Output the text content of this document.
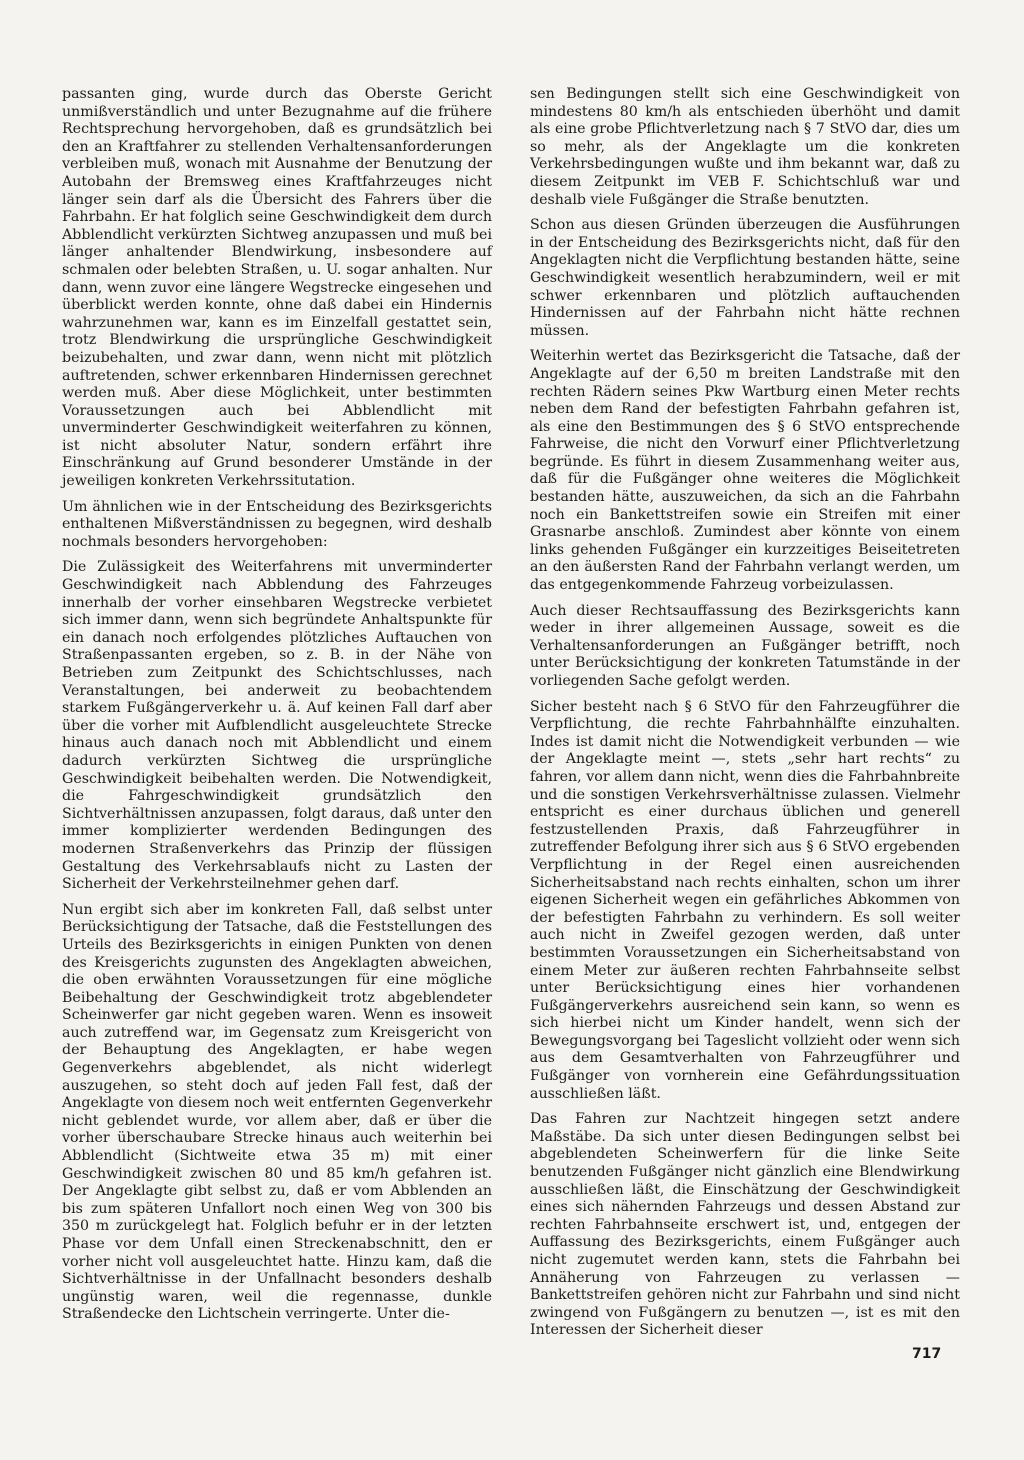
passanten ging, wurde durch das Oberste Gericht unmißverständlich und unter Bezugnahme auf die frühere Rechtsprechung hervorgehoben, daß es grundsätzlich bei den an Kraftfahrer zu stellenden Verhaltensanforderungen verbleiben muß, wonach mit Ausnahme der Benutzung der Autobahn der Bremsweg eines Kraftfahrzeuges nicht länger sein darf als die Übersicht des Fahrers über die Fahrbahn. Er hat folglich seine Geschwindigkeit dem durch Abblendlicht verkürzten Sichtweg anzupassen und muß bei länger anhaltender Blendwirkung, insbesondere auf schmalen oder belebten Straßen, u. U. sogar anhalten. Nur dann, wenn zuvor eine längere Wegstrecke eingesehen und überblickt werden konnte, ohne daß dabei ein Hindernis wahrzunehmen war, kann es im Einzelfall gestattet sein, trotz Blendwirkung die ursprüngliche Geschwindigkeit beizubehalten, und zwar dann, wenn nicht mit plötzlich auftretenden, schwer erkennbaren Hindernissen gerechnet werden muß. Aber diese Möglichkeit, unter bestimmten Voraussetzungen auch bei Abblendlicht mit unverminderter Geschwindigkeit weiterfahren zu können, ist nicht absoluter Natur, sondern erfährt ihre Einschränkung auf Grund besonderer Umstände in der jeweiligen konkreten Verkehrssitutation.

Um ähnlichen wie in der Entscheidung des Bezirksgerichts enthaltenen Mißverständnissen zu begegnen, wird deshalb nochmals besonders hervorgehoben:

Die Zulässigkeit des Weiterfahrens mit unverminderter Geschwindigkeit nach Abblendung des Fahrzeuges innerhalb der vorher einsehbaren Wegstrecke verbietet sich immer dann, wenn sich begründete Anhaltspunkte für ein danach noch erfolgendes plötzliches Auftauchen von Straßenpassanten ergeben, so z. B. in der Nähe von Betrieben zum Zeitpunkt des Schichtschlusses, nach Veranstaltungen, bei anderweit zu beobachtendem starkem Fußgängerverkehr u. ä. Auf keinen Fall darf aber über die vorher mit Aufblendlicht ausgeleuchtete Strecke hinaus auch danach noch mit Abblendlicht und einem dadurch verkürzten Sichtweg die ursprüngliche Geschwindigkeit beibehalten werden. Die Notwendigkeit, die Fahrgeschwindigkeit grundsätzlich den Sichtverhältnissen anzupassen, folgt daraus, daß unter den immer komplizierter werdenden Bedingungen des modernen Straßenverkehrs das Prinzip der flüssigen Gestaltung des Verkehrsablaufs nicht zu Lasten der Sicherheit der Verkehrsteilnehmer gehen darf.

Nun ergibt sich aber im konkreten Fall, daß selbst unter Berücksichtigung der Tatsache, daß die Feststellungen des Urteils des Bezirksgerichts in einigen Punkten von denen des Kreisgerichts zugunsten des Angeklagten abweichen, die oben erwähnten Voraussetzungen für eine mögliche Beibehaltung der Geschwindigkeit trotz abgeblendeter Scheinwerfer gar nicht gegeben waren. Wenn es insoweit auch zutreffend war, im Gegensatz zum Kreisgericht von der Behauptung des Angeklagten, er habe wegen Gegenverkehrs abgeblendet, als nicht widerlegt auszugehen, so steht doch auf jeden Fall fest, daß der Angeklagte von diesem noch weit entfernten Gegenverkehr nicht geblendet wurde, vor allem aber, daß er über die vorher überschaubare Strecke hinaus auch weiterhin bei Abblendlicht (Sichtweite etwa 35 m) mit einer Geschwindigkeit zwischen 80 und 85 km/h gefahren ist. Der Angeklagte gibt selbst zu, daß er vom Abblenden an bis zum späteren Unfallort noch einen Weg von 300 bis 350 m zurückgelegt hat. Folglich befuhr er in der letzten Phase vor dem Unfall einen Streckenabschnitt, den er vorher nicht voll ausgeleuchtet hatte. Hinzu kam, daß die Sichtverhältnisse in der Unfallnacht besonders deshalb ungünstig waren, weil die regennasse, dunkle Straßendecke den Lichtschein verringerte. Unter die-

sen Bedingungen stellt sich eine Geschwindigkeit von mindestens 80 km/h als entschieden überhöht und damit als eine grobe Pflichtverletzung nach § 7 StVO dar, dies um so mehr, als der Angeklagte um die konkreten Verkehrsbedingungen wußte und ihm bekannt war, daß zu diesem Zeitpunkt im VEB F. Schichtschluß war und deshalb viele Fußgänger die Straße benutzten.

Schon aus diesen Gründen überzeugen die Ausführungen in der Entscheidung des Bezirksgerichts nicht, daß für den Angeklagten nicht die Verpflichtung bestanden hätte, seine Geschwindigkeit wesentlich herabzumindern, weil er mit schwer erkennbaren und plötzlich auftauchenden Hindernissen auf der Fahrbahn nicht hätte rechnen müssen.

Weiterhin wertet das Bezirksgericht die Tatsache, daß der Angeklagte auf der 6,50 m breiten Landstraße mit den rechten Rädern seines Pkw Wartburg einen Meter rechts neben dem Rand der befestigten Fahrbahn gefahren ist, als eine den Bestimmungen des § 6 StVO entsprechende Fahrweise, die nicht den Vorwurf einer Pflichtverletzung begründe. Es führt in diesem Zusammenhang weiter aus, daß für die Fußgänger ohne weiteres die Möglichkeit bestanden hätte, auszuweichen, da sich an die Fahrbahn noch ein Bankettstreifen sowie ein Streifen mit einer Grasnarbe anschloß. Zumindest aber könnte von einem links gehenden Fußgänger ein kurzzeitiges Beiseitetreten an den äußersten Rand der Fahrbahn verlangt werden, um das entgegenkommende Fahrzeug vorbeizulassen.

Auch dieser Rechtsauffassung des Bezirksgerichts kann weder in ihrer allgemeinen Aussage, soweit es die Verhaltensanforderungen an Fußgänger betrifft, noch unter Berücksichtigung der konkreten Tatumstände in der vorliegenden Sache gefolgt werden.

Sicher besteht nach § 6 StVO für den Fahrzeugführer die Verpflichtung, die rechte Fahrbahnhälfte einzuhalten. Indes ist damit nicht die Notwendigkeit verbunden — wie der Angeklagte meint —, stets „sehr hart rechts“ zu fahren, vor allem dann nicht, wenn dies die Fahrbahnbreite und die sonstigen Verkehrsverhältnisse zulassen. Vielmehr entspricht es einer durchaus üblichen und generell festzustellenden Praxis, daß Fahrzeugführer in zutreffender Befolgung ihrer sich aus § 6 StVO ergebenden Verpflichtung in der Regel einen ausreichenden Sicherheitsabstand nach rechts einhalten, schon um ihrer eigenen Sicherheit wegen ein gefährliches Abkommen von der befestigten Fahrbahn zu verhindern. Es soll weiter auch nicht in Zweifel gezogen werden, daß unter bestimmten Voraussetzungen ein Sicherheitsabstand von einem Meter zur äußeren rechten Fahrbahnseite selbst unter Berücksichtigung eines hier vorhandenen Fußgängerverkehrs ausreichend sein kann, so wenn es sich hierbei nicht um Kinder handelt, wenn sich der Bewegungsvorgang bei Tageslicht vollzieht oder wenn sich aus dem Gesamtverhalten von Fahrzeugführer und Fußgänger von vornherein eine Gefährdungssituation ausschließen läßt.

Das Fahren zur Nachtzeit hingegen setzt andere Maßstäbe. Da sich unter diesen Bedingungen selbst bei abgeblendeten Scheinwerfern für die linke Seite benutzenden Fußgänger nicht gänzlich eine Blendwirkung ausschließen läßt, die Einschätzung der Geschwindigkeit eines sich nähernden Fahrzeugs und dessen Abstand zur rechten Fahrbahnseite erschwert ist, und, entgegen der Auffassung des Bezirksgerichts, einem Fußgänger auch nicht zugemutet werden kann, stets die Fahrbahn bei Annäherung von Fahrzeugen zu verlassen — Bankettstreifen gehören nicht zur Fahrbahn und sind nicht zwingend von Fußgängern zu benutzen —, ist es mit den Interessen der Sicherheit dieser

717
